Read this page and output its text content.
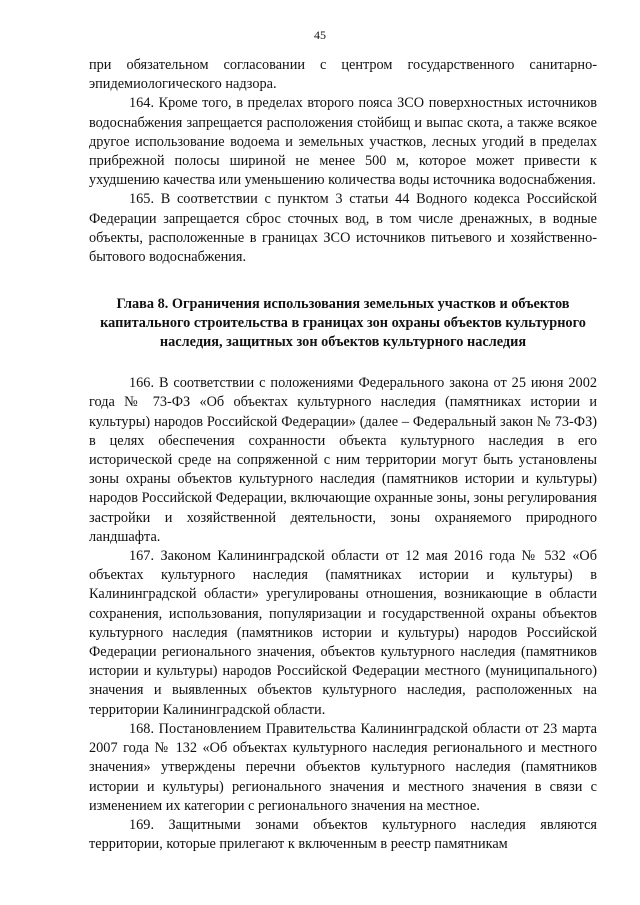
45

при обязательном согласовании с центром государственного санитарно-эпидемиологического надзора.

164. Кроме того, в пределах второго пояса ЗСО поверхностных источников водоснабжения запрещается расположения стойбищ и выпас скота, а также всякое другое использование водоема и земельных участков, лесных угодий в пределах прибрежной полосы шириной не менее 500 м, которое может привести к ухудшению качества или уменьшению количества воды источника водоснабжения.

165. В соответствии с пунктом 3 статьи 44 Водного кодекса Российской Федерации запрещается сброс сточных вод, в том числе дренажных, в водные объекты, расположенные в границах ЗСО источников питьевого и хозяйственно-бытового водоснабжения.

Глава 8. Ограничения использования земельных участков и объектов капитального строительства в границах зон охраны объектов культурного наследия, защитных зон объектов культурного наследия

166. В соответствии с положениями Федерального закона от 25 июня 2002 года № 73-ФЗ «Об объектах культурного наследия (памятниках истории и культуры) народов Российской Федерации» (далее – Федеральный закон № 73-ФЗ) в целях обеспечения сохранности объекта культурного наследия в его исторической среде на сопряженной с ним территории могут быть установлены зоны охраны объектов культурного наследия (памятников истории и культуры) народов Российской Федерации, включающие охранные зоны, зоны регулирования застройки и хозяйственной деятельности, зоны охраняемого природного ландшафта.

167. Законом Калининградской области от 12 мая 2016 года № 532 «Об объектах культурного наследия (памятниках истории и культуры) в Калининградской области» урегулированы отношения, возникающие в области сохранения, использования, популяризации и государственной охраны объектов культурного наследия (памятников истории и культуры) народов Российской Федерации регионального значения, объектов культурного наследия (памятников истории и культуры) народов Российской Федерации местного (муниципального) значения и выявленных объектов культурного наследия, расположенных на территории Калининградской области.

168. Постановлением Правительства Калининградской области от 23 марта 2007 года № 132 «Об объектах культурного наследия регионального и местного значения» утверждены перечни объектов культурного наследия (памятников истории и культуры) регионального значения и местного значения в связи с изменением их категории с регионального значения на местное.

169. Защитными зонами объектов культурного наследия являются территории, которые прилегают к включенным в реестр памятникам
